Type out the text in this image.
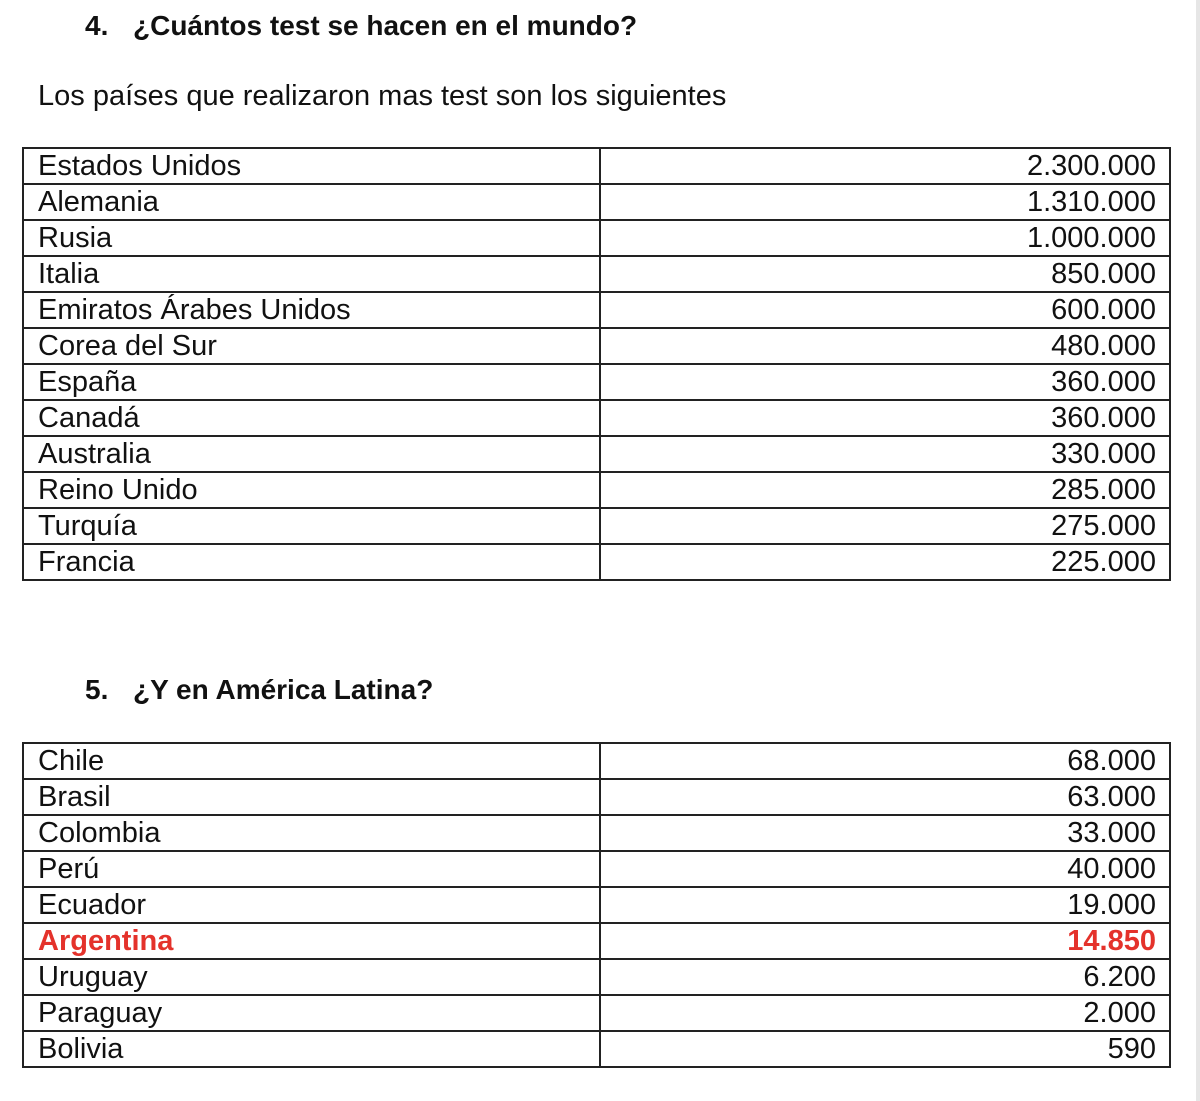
4. ¿Cuántos test se hacen en el mundo?

Los países que realizaron mas test son los siguientes

Estados Unidos	2.300.000
Alemania	1.310.000
Rusia	1.000.000
Italia	850.000
Emiratos Árabes Unidos	600.000
Corea del Sur	480.000
España	360.000
Canadá	360.000
Australia	330.000
Reino Unido	285.000
Turquía	275.000
Francia	225.000
5. ¿Y en América Latina?
Chile	68.000
Brasil	63.000
Colombia	33.000
Perú	40.000
Ecuador	19.000
Argentina	14.850
Uruguay	6.200
Paraguay	2.000
Bolivia	590
